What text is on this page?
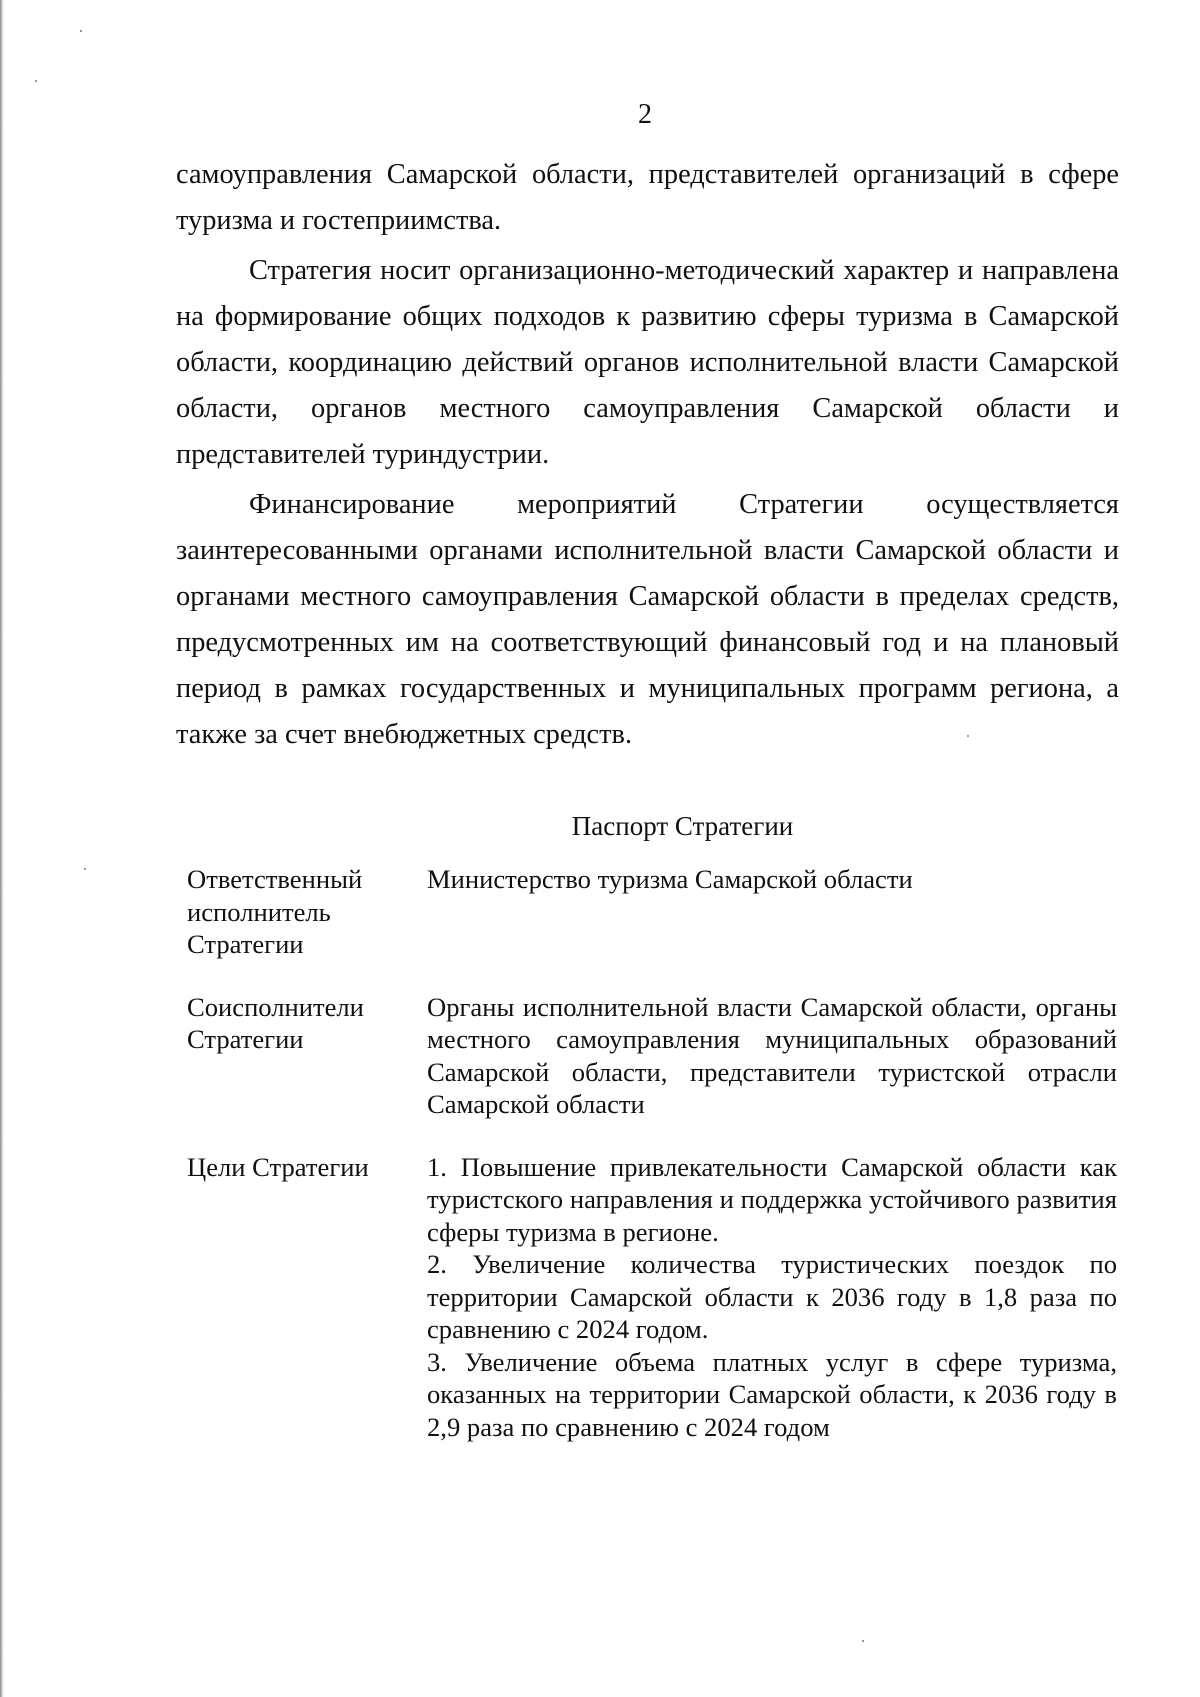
2

самоуправления Самарской области, представителей организаций в сфере туризма и гостеприимства.

Стратегия носит организационно-методический характер и направлена на формирование общих подходов к развитию сферы туризма в Самарской области, координацию действий органов исполнительной власти Самарской области, органов местного самоуправления Самарской области и представителей туриндустрии.

Финансирование мероприятий Стратегии осуществляется заинтересованными органами исполнительной власти Самарской области и органами местного самоуправления Самарской области в пределах средств, предусмотренных им на соответствующий финансовый год и на плановый период в рамках государственных и муниципальных программ региона, а также за счет внебюджетных средств.

Паспорт Стратегии
Ответственный исполнитель Стратегии
Министерство туризма Самарской области
Соисполнители Стратегии
Органы исполнительной власти Самарской области, органы местного самоуправления муниципальных образований Самарской области, представители туристской отрасли Самарской области
Цели Стратегии	1. Повышение привлекательности Самарской области как туристского направления и поддержка устойчивого развития сферы туризма в регионе.

2. Увеличение количества туристических поездок по территории Самарской области к 2036 году в 1,8 раза по сравнению с 2024 годом.

3. Увеличение объема платных услуг в сфере туризма, оказанных на территории Самарской области, к 2036 году в 2,9 раза по сравнению с 2024 годом
